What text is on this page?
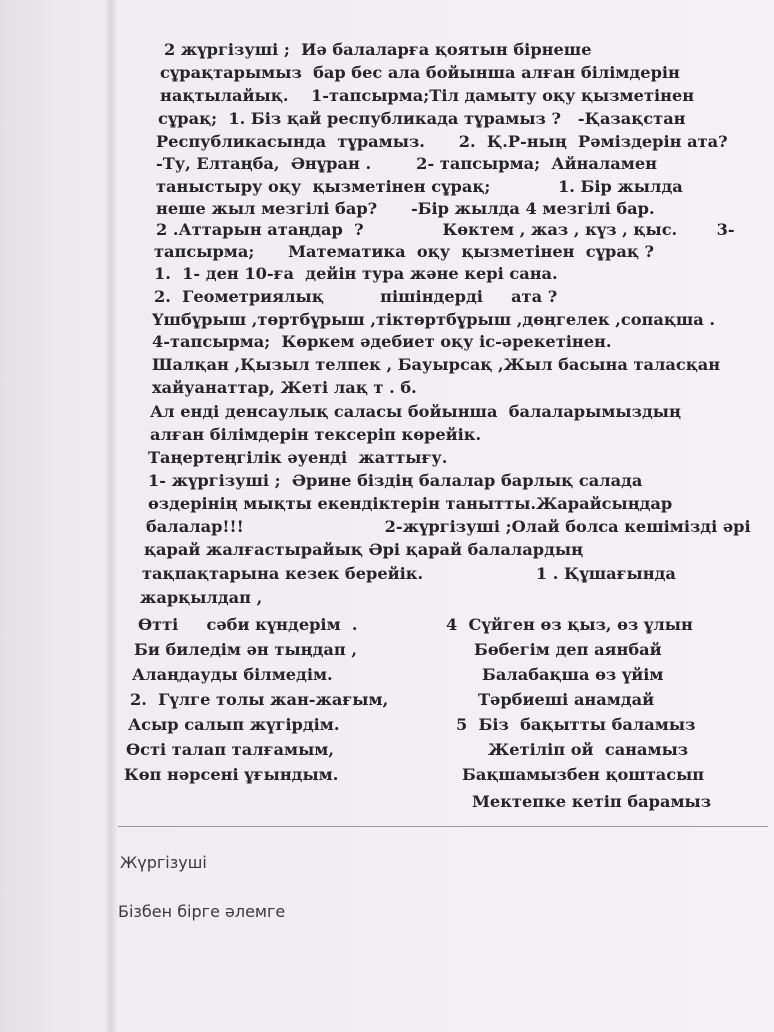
2 жүргізуші ;  Иә балаларға қоятын бірнеше
сұрақтарымыз  бар бес ала бойынша алған білімдерін
нақтылайық.    1-тапсырма;Тіл дамыту оқу қызметінен
сұрақ;  1. Біз қай республикада тұрамыз ?   -Қазақстан
Республикасында  тұрамыз.      2.  Қ.Р-ның  Рәміздерін ата?
-Ту, Елтаңба,  Әнұран .        2- тапсырма;  Айналамен
таныстыру оқу  қызметінен сұрақ;            1. Бір жылда
неше жыл мезгілі бар?      -Бір жылда 4 мезгілі бар.
2 .Аттарын атаңдар  ?              Көктем , жаз , күз , қыс.       3-
тапсырма;      Математика  оқу  қызметінен  сұрақ ?
1.  1- ден 10-ға  дейін тура және кері сана.
2.  Геометриялық          пішіндерді     ата ?
Үшбұрыш ,төртбұрыш ,тіктөртбұрыш ,дөңгелек ,сопақша .
4-тапсырма;  Көркем әдебиет оқу іс-әрекетінен.
Шалқан ,Қызыл телпек , Бауырсақ ,Жыл басына таласқан
хайуанаттар, Жеті лақ т . б.
Ал енді денсаулық саласы бойынша  балаларымыздың
алған білімдерін тексеріп көрейік.
Таңертеңгілік әуенді  жаттығу.
1- жүргізуші ;  Әрине біздің балалар барлық салада
өздерінің мықты екендіктерін танытты.Жарайсыңдар
балалар!!!                         2-жүргізуші ;Олай болса кешімізді әрі
қарай жалғастырайық Әрі қарай балалардың
тақпақтарына кезек берейік.                    1 . Құшағында
жарқылдап ,
Өтті     сәби күндерім  .
Би биледім ән тыңдап ,
Алаңдауды білмедім.
2.  Гүлге толы жан-жағым,
Асыр салып жүгірдім.
Өсті талап талғамым,
Көп нәрсені ұғындым.
4  Сүйген өз қыз, өз ұлын
Бөбегім деп аянбай
Балабақша өз үйім
Тәрбиеші анамдай
5  Біз  бақытты баламыз
Жетіліп ой  санамыз
Бақшамызбен қоштасып
Мектепке кетіп барамыз
Жүргізуші
Бізбен бірге әлемге
